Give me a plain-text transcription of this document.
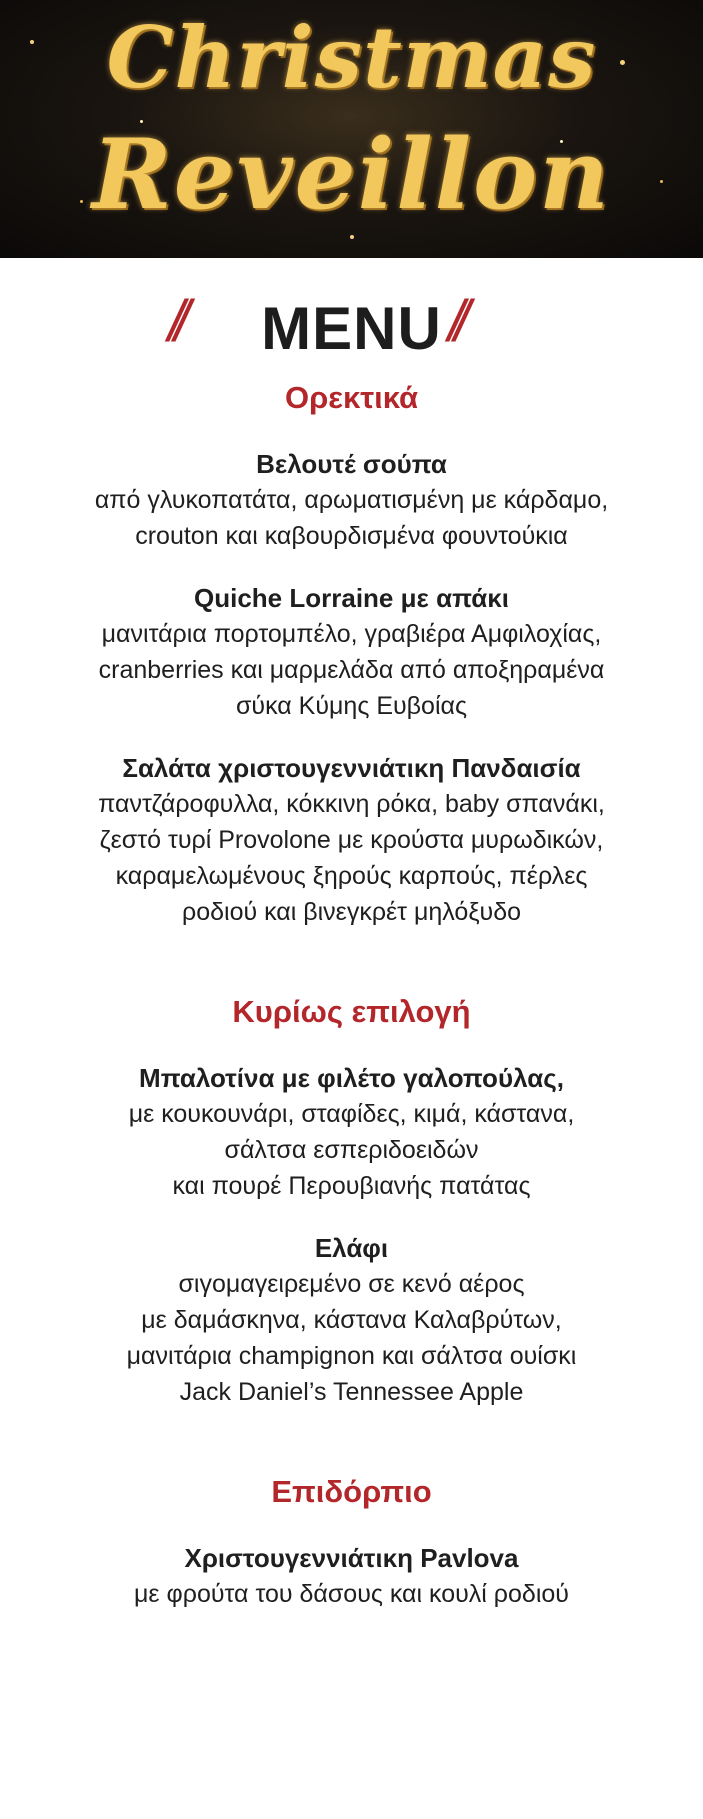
Christmas
Reveillon
//	MENU //
Ορεκτικά
Βελουτέ σούπα
από γλυκοπατάτα, αρωματισμένη με κάρδαμο,
crouton και καβουρδισμένα φουντούκια
Quiche Lorraine με απάκι
μανιτάρια πορτομπέλο, γραβιέρα Αμφιλοχίας,
cranberries και μαρμελάδα από αποξηραμένα
σύκα Κύμης Ευβοίας
Σαλάτα χριστουγεννιάτικη Πανδαισία
παντζάροφυλλα, κόκκινη ρόκα, baby σπανάκι,
ζεστό τυρί Provolone με κρούστα μυρωδικών,
καραμελωμένους ξηρούς καρπούς, πέρλες
ροδιού και βινεγκρέτ μηλόξυδο
Κυρίως επιλογή
Μπαλοτίνα με φιλέτο γαλοπούλας,
με κουκουνάρι, σταφίδες, κιμά, κάστανα,
σάλτσα εσπεριδοειδών
και πουρέ Περουβιανής πατάτας
Ελάφι
σιγομαγειρεμένο σε κενό αέρος
με δαμάσκηνα, κάστανα Καλαβρύτων,
μανιτάρια champignon και σάλτσα ουίσκι
Jack Daniel’s Tennessee Apple
Επιδόρπιο
Χριστουγεννιάτικη Pavlova
με φρούτα του δάσους και κουλί ροδιού
